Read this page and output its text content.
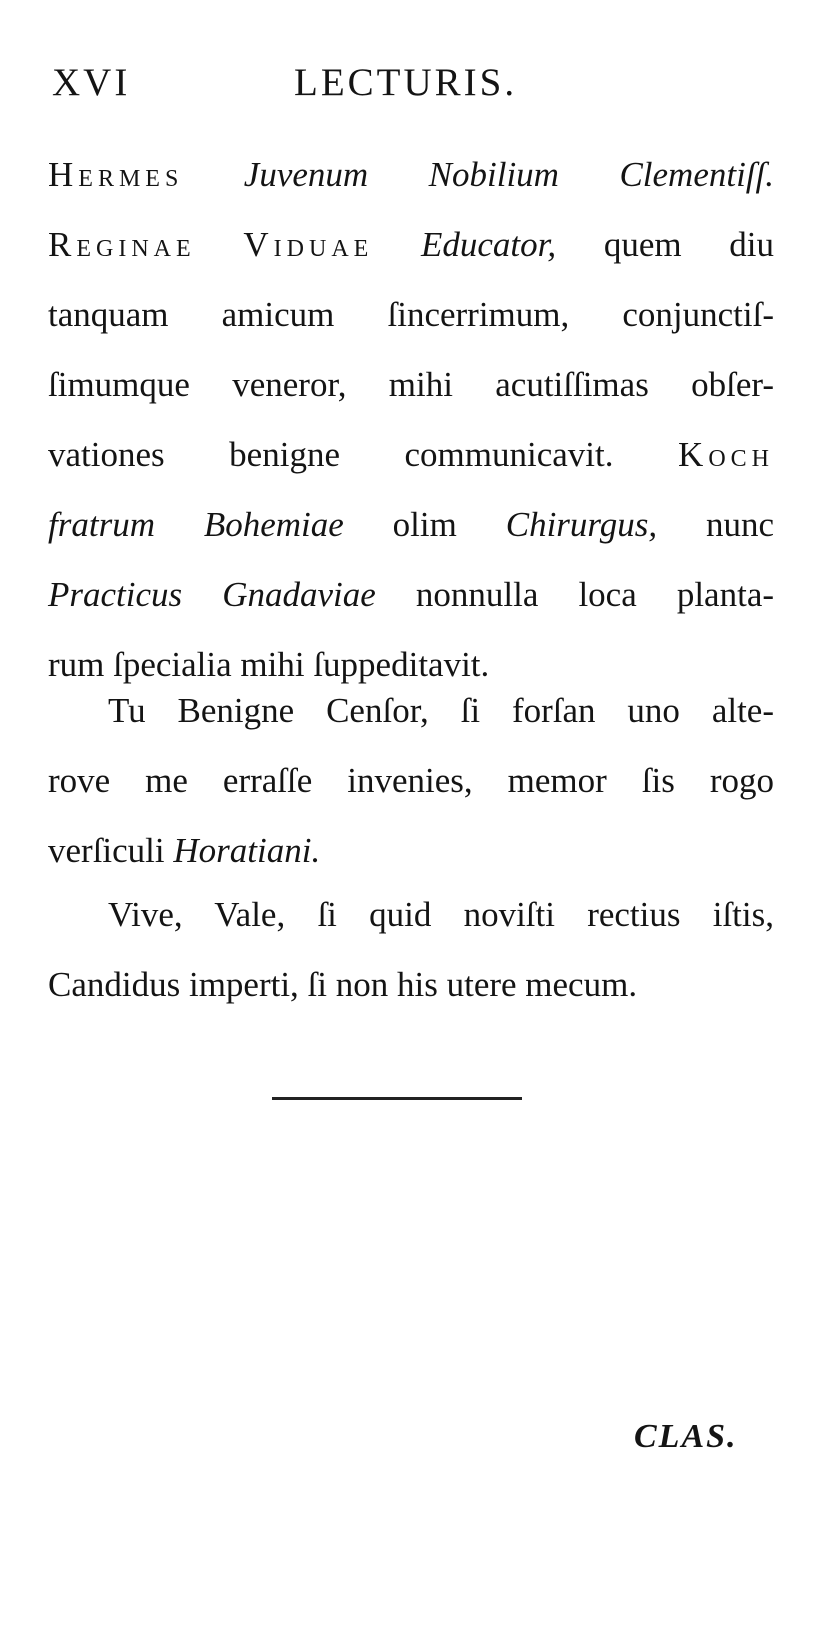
XVI	LECTURIS.
HERMES Juvenum Nobilium Clementiſſ.
REGINAE VIDUAE Educator, quem diu
tanquam amicum ſincerrimum, conjunctiſ-
ſimumque veneror, mihi acutiſſimas obſer-
vationes benigne communicavit. KOCH
fratrum Bohemiae olim Chirurgus, nunc
Practicus Gnadaviae nonnulla loca planta-
rum ſpecialia mihi ſuppeditavit.
Tu Benigne Cenſor, ſi forſan uno alte-
rove me erraſſe invenies, memor ſis rogo
verſiculi Horatiani.
Vive, Vale, ſi quid noviſti rectius iſtis,
Candidus imperti, ſi non his utere mecum.
CLAS.
